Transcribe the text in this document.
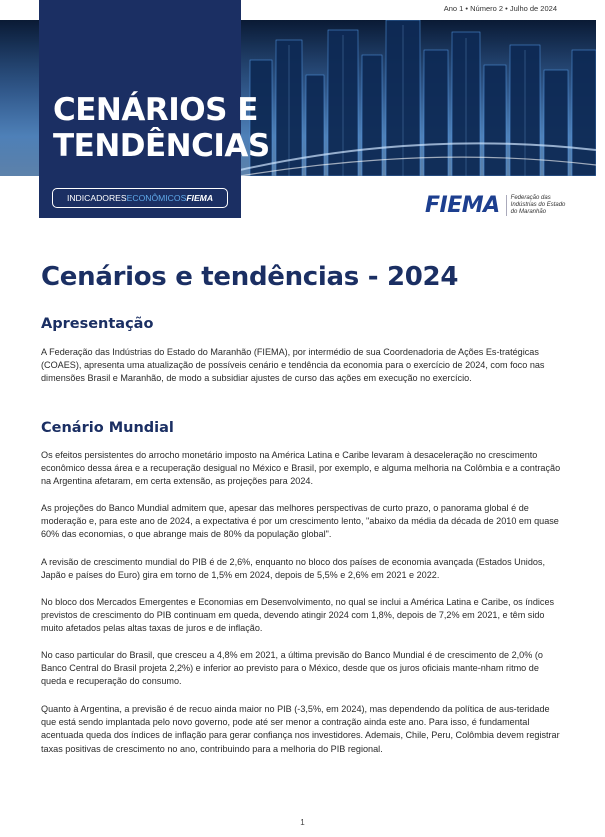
Ano 1 • Número 2 • Julho de 2024
CENÁRIOS E
TENDÊNCIAS
INDICADORESECONÔMICOSFIEMA	FIEMA Federação das
Indústrias do Estado
do Maranhão
Cenários e tendências - 2024
Apresentação

A Federação das Indústrias do Estado do Maranhão (FIEMA), por intermédio de sua Coordenadoria de Ações Es-tratégicas (COAES), apresenta uma atualização de possíveis cenário e tendência da economia para o exercício de 2024, com foco nas dimensões Brasil e Maranhão, de modo a subsidiar ajustes de curso das ações em execução no exercício.

Cenário Mundial

Os efeitos persistentes do arrocho monetário imposto na América Latina e Caribe levaram à desaceleração no crescimento econômico dessa área e a recuperação desigual no México e Brasil, por exemplo, e alguma melhoria na Colômbia e a contração na Argentina afetaram, em certa extensão, as projeções para 2024.

As projeções do Banco Mundial admitem que, apesar das melhores perspectivas de curto prazo, o panorama global é de moderação e, para este ano de 2024, a expectativa é por um crescimento lento, "abaixo da média da década de 2010 em quase 60% das economias, o que abrange mais de 80% da população global".

A revisão de crescimento mundial do PIB é de 2,6%, enquanto no bloco dos países de economia avançada (Estados Unidos, Japão e países do Euro) gira em torno de 1,5% em 2024, depois de 5,5% e 2,6% em 2021 e 2022.

No bloco dos Mercados Emergentes e Economias em Desenvolvimento, no qual se inclui a América Latina e Caribe, os índices previstos de crescimento do PIB continuam em queda, devendo atingir 2024 com 1,8%, depois de 7,2% em 2021, e têm sido muito afetados pelas altas taxas de juros e de inflação.

No caso particular do Brasil, que cresceu a 4,8% em 2021, a última previsão do Banco Mundial é de crescimento de 2,0% (o Banco Central do Brasil projeta 2,2%) e inferior ao previsto para o México, desde que os juros oficiais mante-nham ritmo de queda e recuperação do consumo.

Quanto à Argentina, a previsão é de recuo ainda maior no PIB (-3,5%, em 2024), mas dependendo da política de aus-teridade que está sendo implantada pelo novo governo, pode até ser menor a contração ainda este ano. Para isso, é fundamental acentuada queda dos índices de inflação para gerar confiança nos investidores. Ademais, Chile, Peru, Colômbia devem registrar taxas positivas de crescimento no ano, contribuindo para a melhoria do PIB regional.

1
